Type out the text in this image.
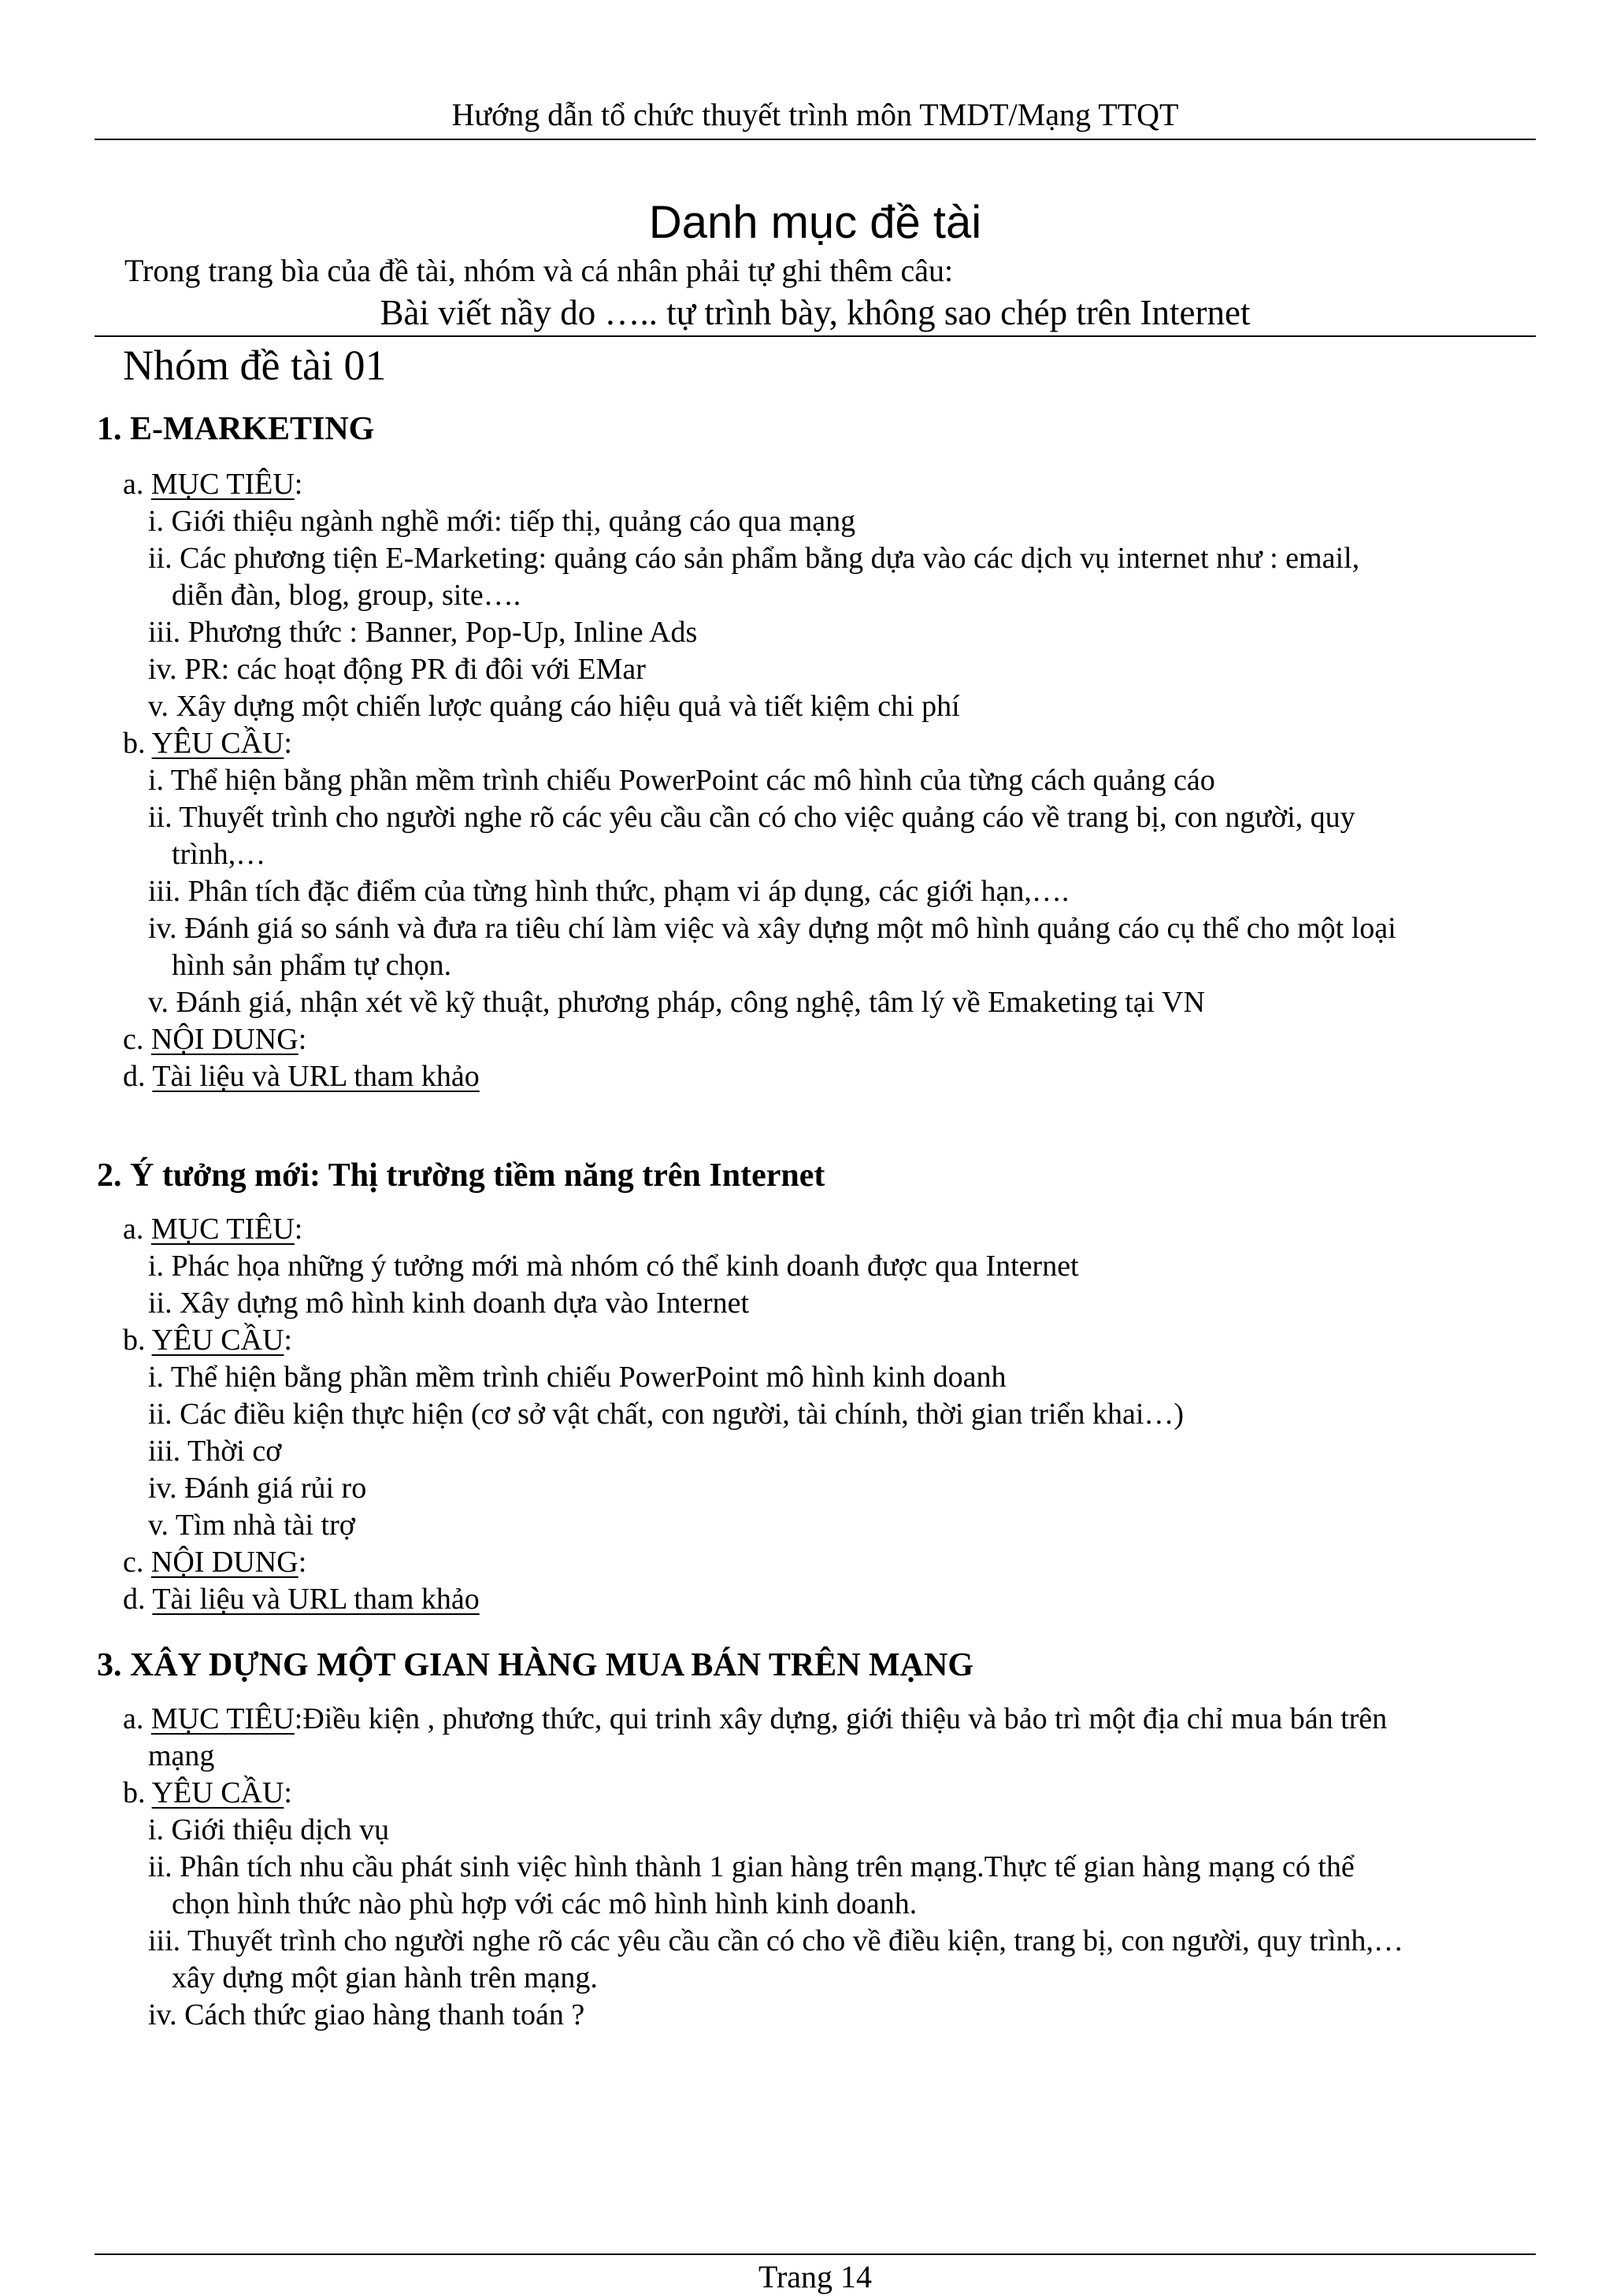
Hướng dẫn tổ chức thuyết trình môn TMDT/Mạng TTQT
Danh mục đề tài
Trong trang bìa của đề tài, nhóm và cá nhân phải tự ghi thêm câu:
Bài viết nầy do ….. tự trình bày, không sao chép trên Internet
Nhóm đề tài 01
1. E-MARKETING
a. MỤC TIÊU:
i. Giới thiệu ngành nghề mới: tiếp thị, quảng cáo qua mạng
ii. Các phương tiện E-Marketing: quảng cáo sản phẩm bằng dựa vào các dịch vụ internet như : email,
diễn đàn, blog, group, site….
iii. Phương thức : Banner, Pop-Up, Inline Ads
iv. PR: các hoạt động PR đi đôi với EMar
v. Xây dựng một chiến lược quảng cáo hiệu quả và tiết kiệm chi phí
b. YÊU CẦU:
i. Thể hiện bằng phần mềm trình chiếu PowerPoint các mô hình của từng cách quảng cáo
ii. Thuyết trình cho người nghe rõ các yêu cầu cần có cho việc quảng cáo về trang bị, con người, quy
trình,…
iii. Phân tích đặc điểm của từng hình thức, phạm vi áp dụng, các giới hạn,….
iv. Đánh giá so sánh và đưa ra tiêu chí làm việc và xây dựng một mô hình quảng cáo cụ thể cho một loại
hình sản phẩm tự chọn.
v. Đánh giá, nhận xét về kỹ thuật, phương pháp, công nghệ, tâm lý về Emaketing tại VN
c. NỘI DUNG:
d. Tài liệu và URL tham khảo
2. Ý tưởng mới: Thị trường tiềm năng trên Internet
a. MỤC TIÊU:
i. Phác họa những ý tưởng mới mà nhóm có thể kinh doanh được qua Internet
ii. Xây dựng mô hình kinh doanh dựa vào Internet
b. YÊU CẦU:
i. Thể hiện bằng phần mềm trình chiếu PowerPoint mô hình kinh doanh
ii. Các điều kiện thực hiện (cơ sở vật chất, con người, tài chính, thời gian triển khai…)
iii. Thời cơ
iv. Đánh giá rủi ro
v. Tìm nhà tài trợ
c. NỘI DUNG:
d. Tài liệu và URL tham khảo
3. XÂY DỰNG MỘT GIAN HÀNG MUA BÁN TRÊN MẠNG
a. MỤC TIÊU:Điều kiện , phương thức, qui trinh xây dựng, giới thiệu và bảo trì một địa chỉ mua bán trên
mạng
b. YÊU CẦU:
i. Giới thiệu dịch vụ
ii. Phân tích nhu cầu phát sinh việc hình thành 1 gian hàng trên mạng.Thực tế gian hàng mạng có thể
chọn hình thức nào phù hợp với các mô hình hình kinh doanh.
iii. Thuyết trình cho người nghe rõ các yêu cầu cần có cho về điều kiện, trang bị, con người, quy trình,…
xây dựng một gian hành trên mạng.
iv. Cách thức giao hàng thanh toán ?
Trang 14
